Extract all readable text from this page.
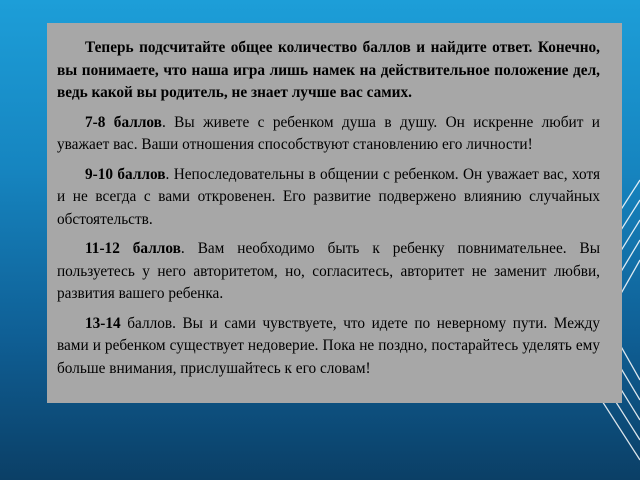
Теперь подсчитайте общее количество баллов и найдите ответ. Конечно, вы понимаете, что наша игра лишь намек на действительное положение дел, ведь какой вы родитель, не знает лучше вас самих.

7-8 баллов. Вы живете с ребенком душа в душу. Он искренне любит и уважает вас. Ваши отношения способствуют становлению его личности!

9-10 баллов. Непоследовательны в общении с ребенком. Он уважает вас, хотя и не всегда с вами откровенен. Его развитие подвержено влиянию случайных обстоятельств.

11-12 баллов. Вам необходимо быть к ребенку повнимательнее. Вы пользуетесь у него авторитетом, но, согласитесь, авторитет не заменит любви, развития вашего ребенка.

13-14 баллов. Вы и сами чувствуете, что идете по неверному пути. Между вами и ребенком существует недоверие. Пока не поздно, постарайтесь уделять ему больше внимания, прислушайтесь к его словам!
